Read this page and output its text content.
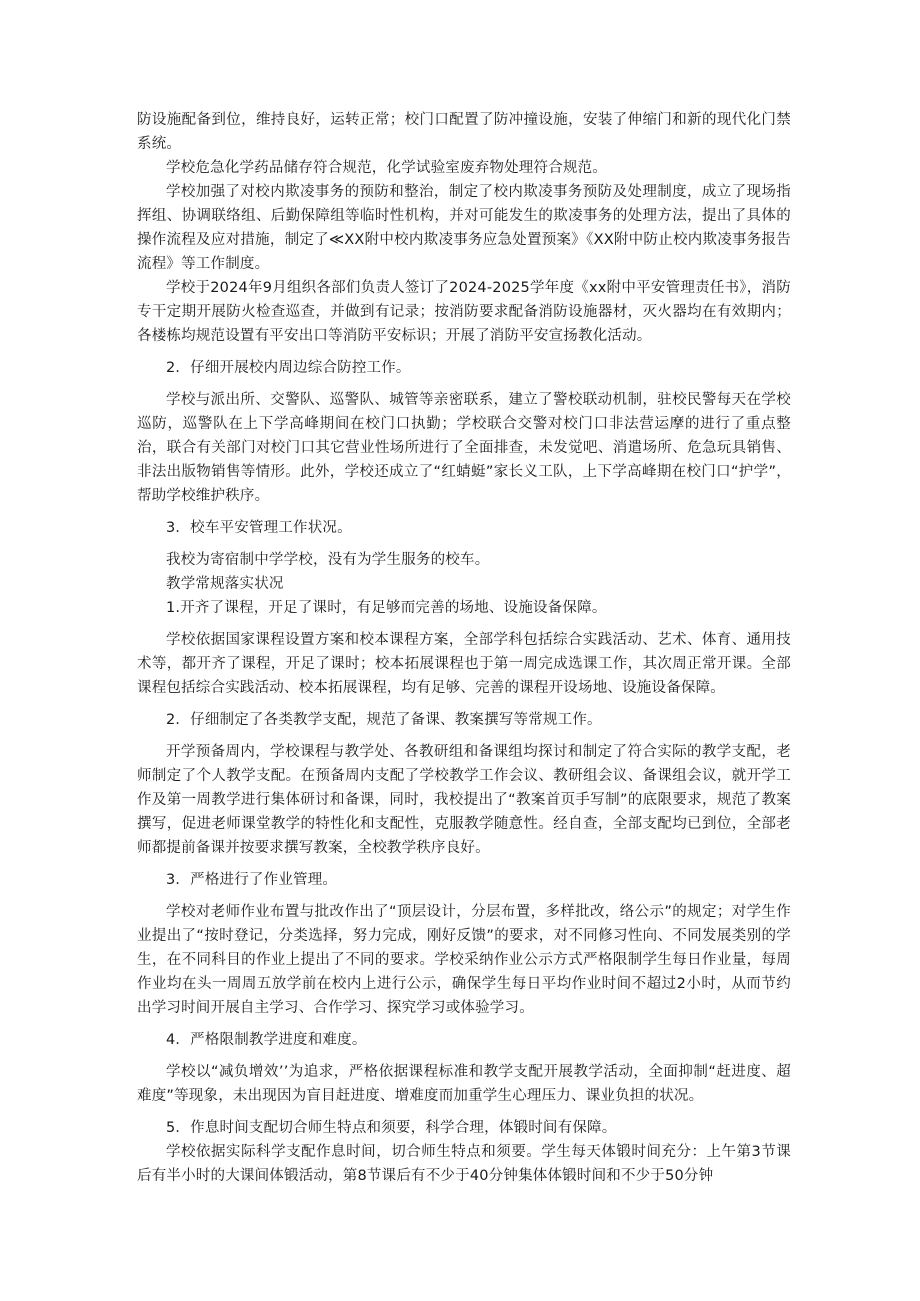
防设施配备到位，维持良好，运转正常；校门口配置了防冲撞设施，安装了伸缩门和新的现代化门禁系统。

学校危急化学药品储存符合规范，化学试验室废弃物处理符合规范。

学校加强了对校内欺凌事务的预防和整治，制定了校内欺凌事务预防及处理制度，成立了现场指挥组、协调联络组、后勤保障组等临时性机构，并对可能发生的欺凌事务的处理方法，提出了具体的操作流程及应对措施，制定了≪XX附中校内欺凌事务应急处置预案》《XX附中防止校内欺凌事务报告流程》等工作制度。

学校于2024年9月组织各部们负责人签订了2024-2025学年度《xx附中平安管理责任书》，消防专干定期开展防火检查巡查，并做到有记录；按消防要求配备消防设施器材，灭火器均在有效期内；各楼栋均规范设置有平安出口等消防平安标识；开展了消防平安宣扬教化活动。

2．仔细开展校内周边综合防控工作。

学校与派出所、交警队、巡警队、城管等亲密联系，建立了警校联动机制，驻校民警每天在学校巡防，巡警队在上下学高峰期间在校门口执勤；学校联合交警对校门口非法营运摩的进行了重点整治，联合有关部门对校门口其它营业性场所进行了全面排查，未发觉吧、消遣场所、危急玩具销售、非法出版物销售等情形。此外，学校还成立了“红蜻蜓”家长义工队，上下学高峰期在校门口“护学”，帮助学校维护秩序。

3．校车平安管理工作状况。

我校为寄宿制中学学校，没有为学生服务的校车。

教学常规落实状况

1.开齐了课程，开足了课时，有足够而完善的场地、设施设备保障。

学校依据国家课程设置方案和校本课程方案，全部学科包括综合实践活动、艺术、体育、通用技术等，都开齐了课程，开足了课时；校本拓展课程也于第一周完成选课工作，其次周正常开课。全部课程包括综合实践活动、校本拓展课程，均有足够、完善的课程开设场地、设施设备保障。

2．仔细制定了各类教学支配，规范了备课、教案撰写等常规工作。

开学预备周内，学校课程与教学处、各教研组和备课组均探讨和制定了符合实际的教学支配，老师制定了个人教学支配。在预备周内支配了学校教学工作会议、教研组会议、备课组会议，就开学工作及第一周教学进行集体研讨和备课，同时，我校提出了“教案首页手写制”的底限要求，规范了教案撰写，促进老师课堂教学的特性化和支配性，克服教学随意性。经自查，全部支配均已到位，全部老师都提前备课并按要求撰写教案，全校教学秩序良好。

3．严格进行了作业管理。

学校对老师作业布置与批改作出了“顶层设计，分层布置，多样批改，络公示”的规定；对学生作业提出了“按时登记，分类选择，努力完成，刚好反馈”的要求，对不同修习性向、不同发展类别的学生，在不同科目的作业上提出了不同的要求。学校采纳作业公示方式严格限制学生每日作业量，每周作业均在头一周周五放学前在校内上进行公示，确保学生每日平均作业时间不超过2小时，从而节约出学习时间开展自主学习、合作学习、探究学习或体验学习。

4．严格限制教学进度和难度。

学校以“减负增效’’为追求，严格依据课程标准和教学支配开展教学活动，全面抑制“赶进度、超难度”等现象，未出现因为盲目赶进度、增难度而加重学生心理压力、课业负担的状况。

5．作息时间支配切合师生特点和须要，科学合理，体锻时间有保障。

学校依据实际科学支配作息时间，切合师生特点和须要。学生每天体锻时间充分：上午第3节课后有半小时的大课间体锻活动，第8节课后有不少于40分钟集体体锻时间和不少于50分钟
